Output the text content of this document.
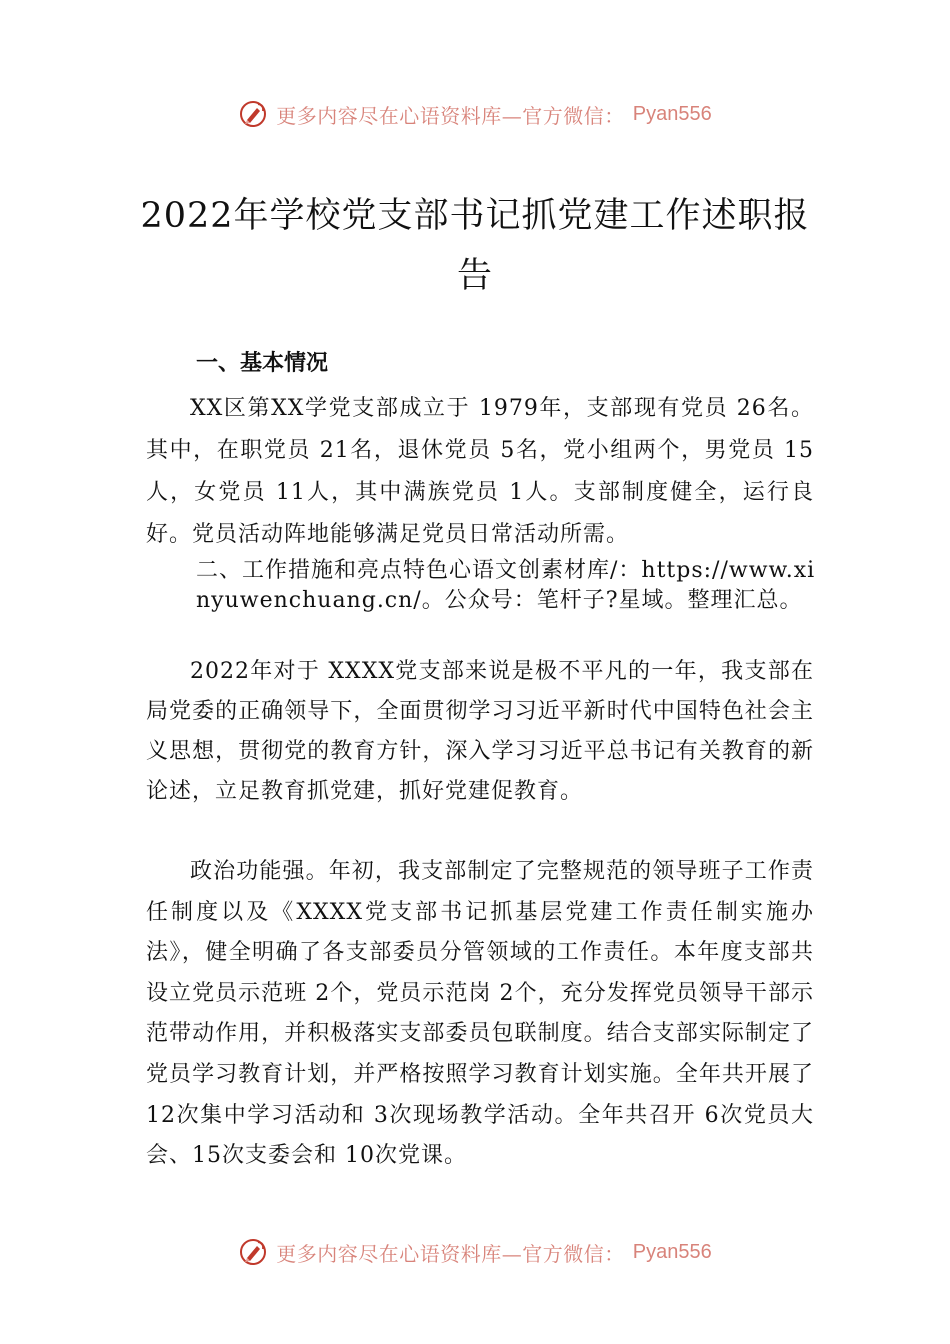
更多内容尽在心语资料库—官方微信： Pyan556
2022年学校党支部书记抓党建工作述职报告
一、基本情况

XX区第XX学党支部成立于 1979年，支部现有党员 26名。其中，在职党员 21名，退休党员 5名，党小组两个，男党员 15人，女党员 11人，其中满族党员 1人。支部制度健全，运行良好。党员活动阵地能够满足党员日常活动所需。

二、工作措施和亮点特色心语文创素材库/：https://www.xinyuwenchuang.cn/。公众号：笔杆子?星域。整理汇总。

2022年对于 XXXX党支部来说是极不平凡的一年，我支部在局党委的正确领导下，全面贯彻学习习近平新时代中国特色社会主义思想，贯彻党的教育方针，深入学习习近平总书记有关教育的新论述，立足教育抓党建，抓好党建促教育。

政治功能强。年初，我支部制定了完整规范的领导班子工作责任制度以及《XXXX党支部书记抓基层党建工作责任制实施办法》，健全明确了各支部委员分管领域的工作责任。本年度支部共设立党员示范班 2个，党员示范岗 2个，充分发挥党员领导干部示范带动作用，并积极落实支部委员包联制度。结合支部实际制定了党员学习教育计划，并严格按照学习教育计划实施。全年共开展了 12次集中学习活动和 3次现场教学活动。全年共召开 6次党员大会、15次支委会和 10次党课。

更多内容尽在心语资料库—官方微信： Pyan556
